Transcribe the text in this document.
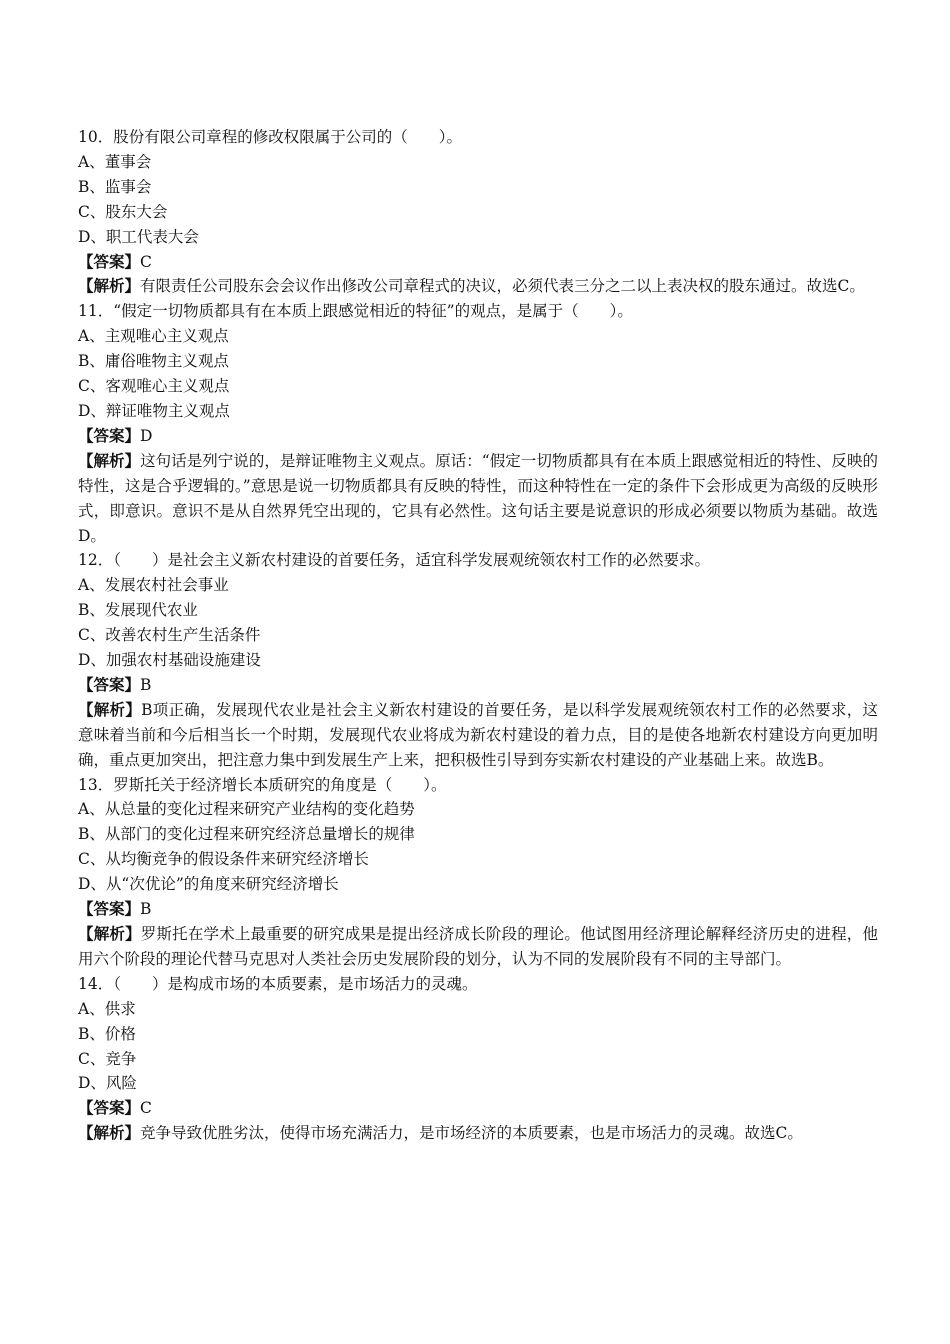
10．股份有限公司章程的修改权限属于公司的（　　）。

A、董事会

B、监事会

C、股东大会

D、职工代表大会

【答案】C

【解析】有限责任公司股东会会议作出修改公司章程式的决议，必须代表三分之二以上表决权的股东通过。故选C。

11．“假定一切物质都具有在本质上跟感觉相近的特征”的观点，是属于（　　）。

A、主观唯心主义观点

B、庸俗唯物主义观点

C、客观唯心主义观点

D、辩证唯物主义观点

【答案】D

【解析】这句话是列宁说的，是辩证唯物主义观点。原话：“假定一切物质都具有在本质上跟感觉相近的特性、反映的特性，这是合乎逻辑的。”意思是说一切物质都具有反映的特性，而这种特性在一定的条件下会形成更为高级的反映形式，即意识。意识不是从自然界凭空出现的，它具有必然性。这句话主要是说意识的形成必须要以物质为基础。故选D。

12．（　　）是社会主义新农村建设的首要任务，适宜科学发展观统领农村工作的必然要求。

A、发展农村社会事业

B、发展现代农业

C、改善农村生产生活条件

D、加强农村基础设施建设

【答案】B

【解析】B项正确，发展现代农业是社会主义新农村建设的首要任务，是以科学发展观统领农村工作的必然要求，这意味着当前和今后相当长一个时期，发展现代农业将成为新农村建设的着力点，目的是使各地新农村建设方向更加明确，重点更加突出，把注意力集中到发展生产上来，把积极性引导到夯实新农村建设的产业基础上来。故选B。

13．罗斯托关于经济增长本质研究的角度是（　　）。

A、从总量的变化过程来研究产业结构的变化趋势

B、从部门的变化过程来研究经济总量增长的规律

C、从均衡竞争的假设条件来研究经济增长

D、从“次优论”的角度来研究经济增长

【答案】B

【解析】罗斯托在学术上最重要的研究成果是提出经济成长阶段的理论。他试图用经济理论解释经济历史的进程，他用六个阶段的理论代替马克思对人类社会历史发展阶段的划分，认为不同的发展阶段有不同的主导部门。

14．（　　）是构成市场的本质要素，是市场活力的灵魂。

A、供求

B、价格

C、竞争

D、风险

【答案】C

【解析】竞争导致优胜劣汰，使得市场充满活力，是市场经济的本质要素，也是市场活力的灵魂。故选C。
